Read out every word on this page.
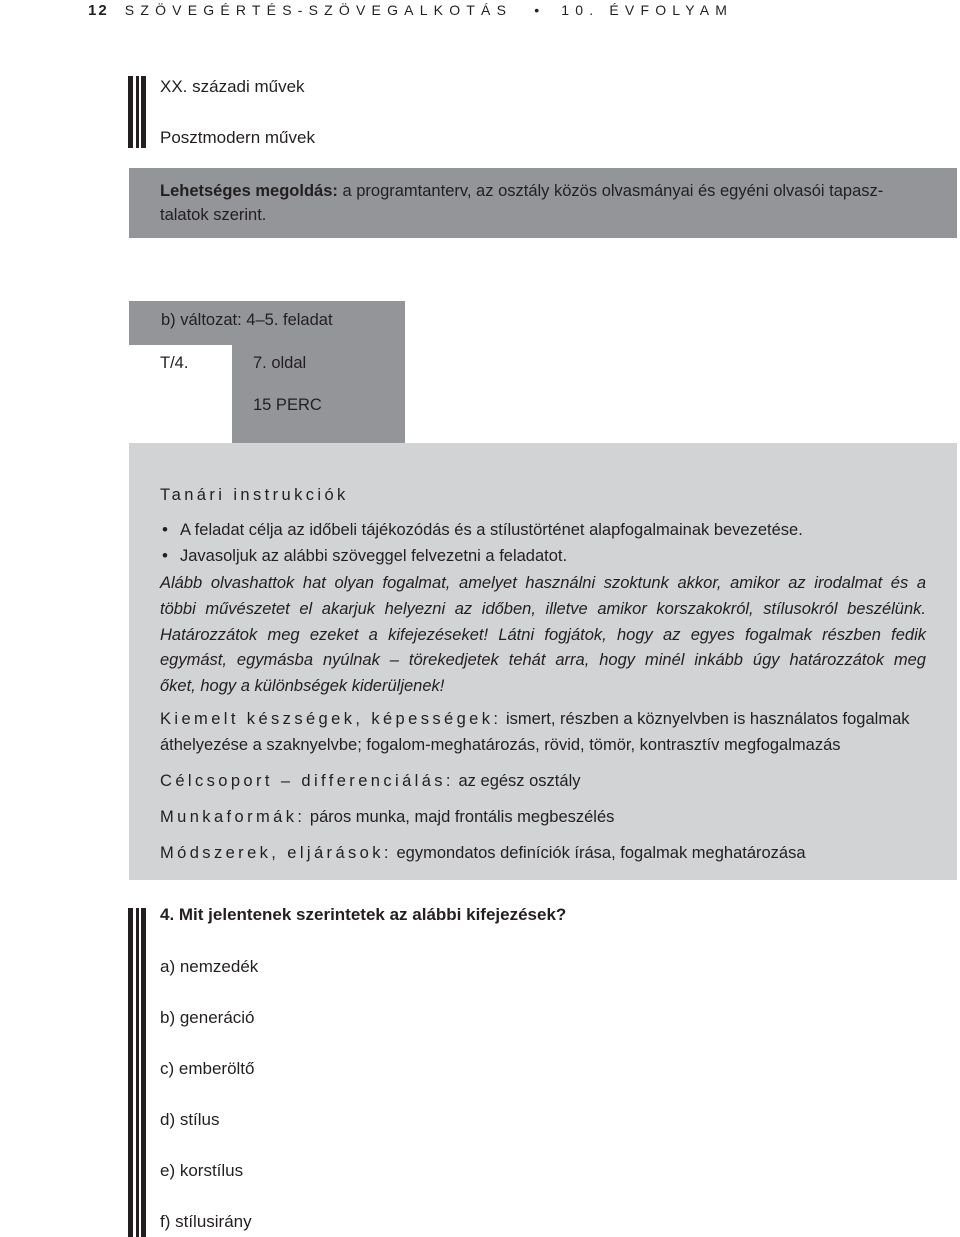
12 SZÖVEGÉRTÉS-SZÖVEGALKOTÁS • 10. ÉVFOLYAM
XX. századi művek
Posztmodern művek
Lehetséges megoldás: a programtanterv, az osztály közös olvasmányai és egyéni olvasói tapasz-
talatok szerint.
b) változat: 4–5. feladat
T/4.	7. oldal
15 PERC
Tanári instrukciók
• A feladat célja az időbeli tájékozódás és a stílustörténet alapfogalmainak bevezetése.
• Javasoljuk az alábbi szöveggel felvezetni a feladatot.
Alább olvashattok hat olyan fogalmat, amelyet használni szoktunk akkor, amikor az irodalmat és a
többi művészetet el akarjuk helyezni az időben, illetve amikor korszakokról, stílusokról beszélünk.
Határozzátok meg ezeket a kifejezéseket! Látni fogjátok, hogy az egyes fogalmak részben fedik
egymást, egymásba nyúlnak – törekedjetek tehát arra, hogy minél inkább úgy határozzátok meg
őket, hogy a különbségek kiderüljenek!
Kiemelt készségek, képességek: ismert, részben a köznyelvben is használatos fogalmak
áthelyezése a szaknyelvbe; fogalom-meghatározás, rövid, tömör, kontrasztív megfogalmazás
Célcsoport – differenciálás: az egész osztály
Munkaformák: páros munka, majd frontális megbeszélés
Módszerek, eljárások: egymondatos definíciók írása, fogalmak meghatározása
4. Mit jelentenek szerintetek az alábbi kifejezések?
a) nemzedék
b) generáció
c) emberöltő
d) stílus
e) korstílus
f) stílusirány
